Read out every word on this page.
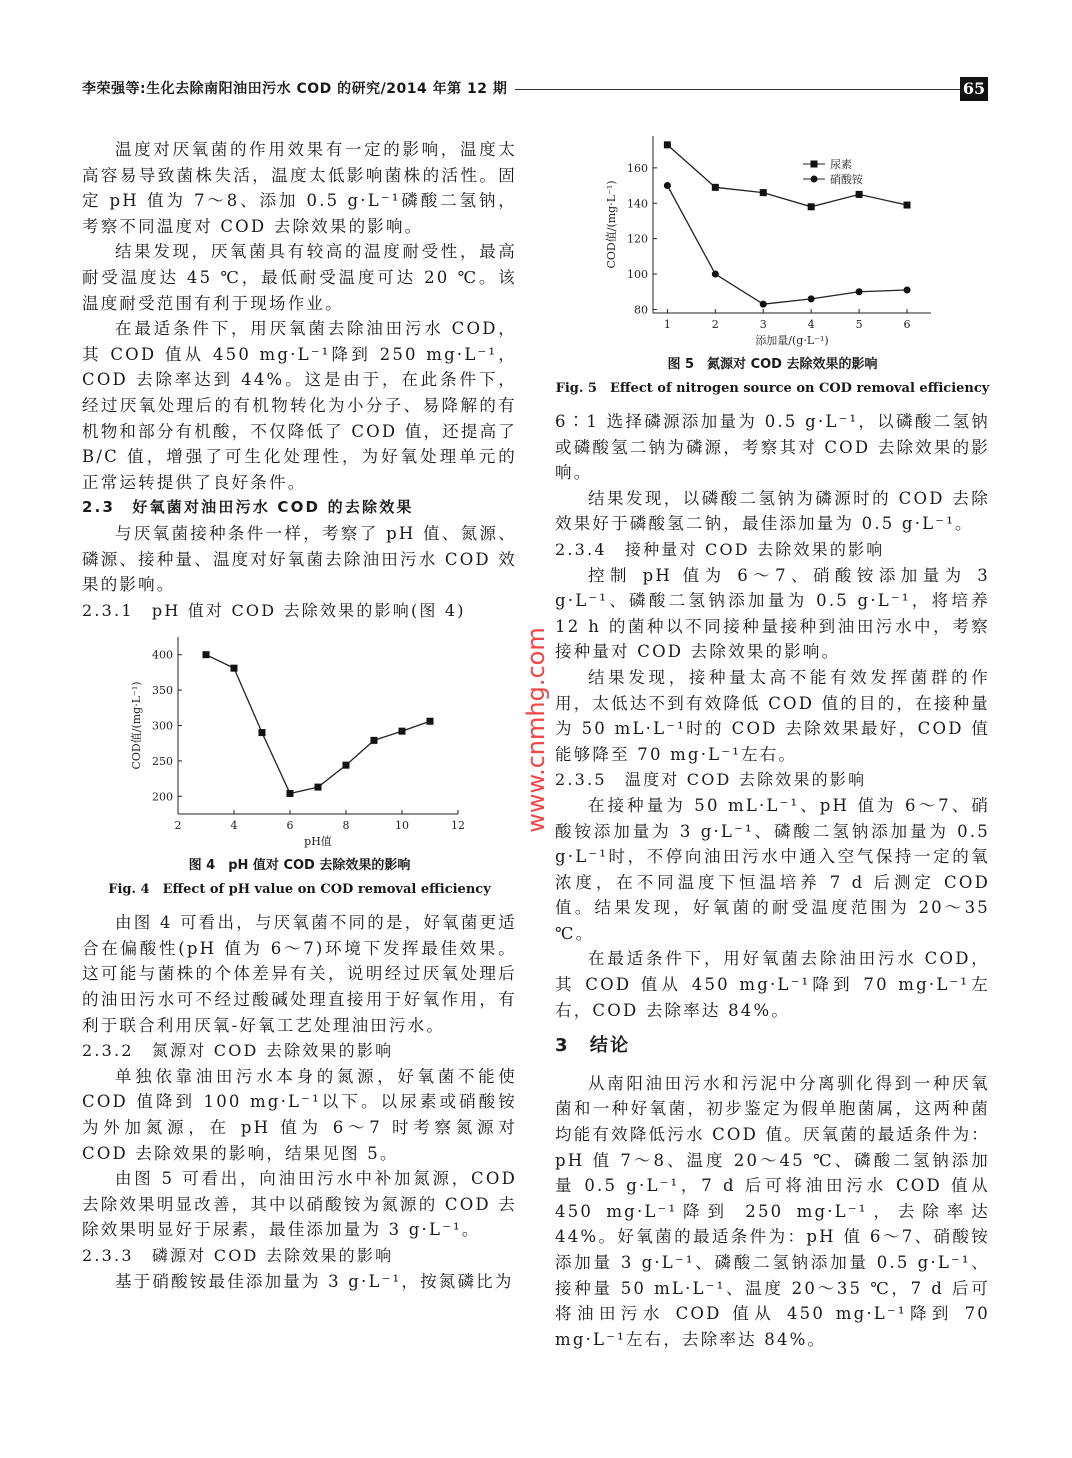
李荣强等:生化去除南阳油田污水 COD 的研究/2014 年第 12 期	65

温度对厌氧菌的作用效果有一定的影响，温度太高容易导致菌株失活，温度太低影响菌株的活性。固定 pH 值为 7～8、添加 0.5 g·L⁻¹磷酸二氢钠，考察不同温度对 COD 去除效果的影响。

结果发现，厌氧菌具有较高的温度耐受性，最高耐受温度达 45 ℃，最低耐受温度可达 20 ℃。该温度耐受范围有利于现场作业。

在最适条件下，用厌氧菌去除油田污水 COD，其 COD 值从 450 mg·L⁻¹降到 250 mg·L⁻¹，COD 去除率达到 44%。这是由于，在此条件下，经过厌氧处理后的有机物转化为小分子、易降解的有机物和部分有机酸，不仅降低了 COD 值，还提高了 B/C 值，增强了可生化处理性，为好氧处理单元的正常运转提供了良好条件。

2.3　好氧菌对油田污水 COD 的去除效果

与厌氧菌接种条件一样，考察了 pH 值、氮源、磷源、接种量、温度对好氧菌去除油田污水 COD 效果的影响。

2.3.1　pH 值对 COD 去除效果的影响(图 4)
2	4	6	8	10	12
200
250
300
350
400
pH值
COD值/(mg·L⁻¹)
图 4　pH 值对 COD 去除效果的影响
Fig. 4　Effect of pH value on COD removal efficiency

由图 4 可看出，与厌氧菌不同的是，好氧菌更适合在偏酸性(pH 值为 6～7)环境下发挥最佳效果。这可能与菌株的个体差异有关，说明经过厌氧处理后的油田污水可不经过酸碱处理直接用于好氧作用，有利于联合利用厌氧-好氧工艺处理油田污水。

2.3.2　氮源对 COD 去除效果的影响

单独依靠油田污水本身的氮源，好氧菌不能使 COD 值降到 100 mg·L⁻¹以下。以尿素或硝酸铵为外加氮源，在 pH 值为 6～7 时考察氮源对 COD 去除效果的影响，结果见图 5。

由图 5 可看出，向油田污水中补加氮源，COD 去除效果明显改善，其中以硝酸铵为氮源的 COD 去除效果明显好于尿素，最佳添加量为 3 g·L⁻¹。

2.3.3　磷源对 COD 去除效果的影响

基于硝酸铵最佳添加量为 3 g·L⁻¹，按氮磷比为

1	2	3	4	5	6
80
100
120
140
160
添加量/(g·L⁻¹)
COD值/(mg·L⁻¹)
尿素
硝酸铵
图 5　氮源对 COD 去除效果的影响
Fig. 5　Effect of nitrogen source on COD removal efficiency

6∶1 选择磷源添加量为 0.5 g·L⁻¹，以磷酸二氢钠或磷酸氢二钠为磷源，考察其对 COD 去除效果的影响。

结果发现，以磷酸二氢钠为磷源时的 COD 去除效果好于磷酸氢二钠，最佳添加量为 0.5 g·L⁻¹。

2.3.4　接种量对 COD 去除效果的影响

控制 pH 值为 6～7、硝酸铵添加量为 3 g·L⁻¹、磷酸二氢钠添加量为 0.5 g·L⁻¹，将培养 12 h 的菌种以不同接种量接种到油田污水中，考察接种量对 COD 去除效果的影响。

结果发现，接种量太高不能有效发挥菌群的作用，太低达不到有效降低 COD 值的目的，在接种量为 50 mL·L⁻¹时的 COD 去除效果最好，COD 值能够降至 70 mg·L⁻¹左右。

2.3.5　温度对 COD 去除效果的影响

在接种量为 50 mL·L⁻¹、pH 值为 6～7、硝酸铵添加量为 3 g·L⁻¹、磷酸二氢钠添加量为 0.5 g·L⁻¹时，不停向油田污水中通入空气保持一定的氧浓度，在不同温度下恒温培养 7 d 后测定 COD 值。结果发现，好氧菌的耐受温度范围为 20～35 ℃。

在最适条件下，用好氧菌去除油田污水 COD，其 COD 值从 450 mg·L⁻¹降到 70 mg·L⁻¹左右，COD 去除率达 84%。

3　结论

从南阳油田污水和污泥中分离驯化得到一种厌氧菌和一种好氧菌，初步鉴定为假单胞菌属，这两种菌均能有效降低污水 COD 值。厌氧菌的最适条件为：pH 值 7～8、温度 20～45 ℃、磷酸二氢钠添加量 0.5 g·L⁻¹，7 d 后可将油田污水 COD 值从 450 mg·L⁻¹降到 250 mg·L⁻¹，去除率达 44%。好氧菌的最适条件为：pH 值 6～7、硝酸铵添加量 3 g·L⁻¹、磷酸二氢钠添加量 0.5 g·L⁻¹、接种量 50 mL·L⁻¹、温度 20～35 ℃，7 d 后可将油田污水 COD 值从 450 mg·L⁻¹降到 70 mg·L⁻¹左右，去除率达 84%。

www.cnmhg.com
